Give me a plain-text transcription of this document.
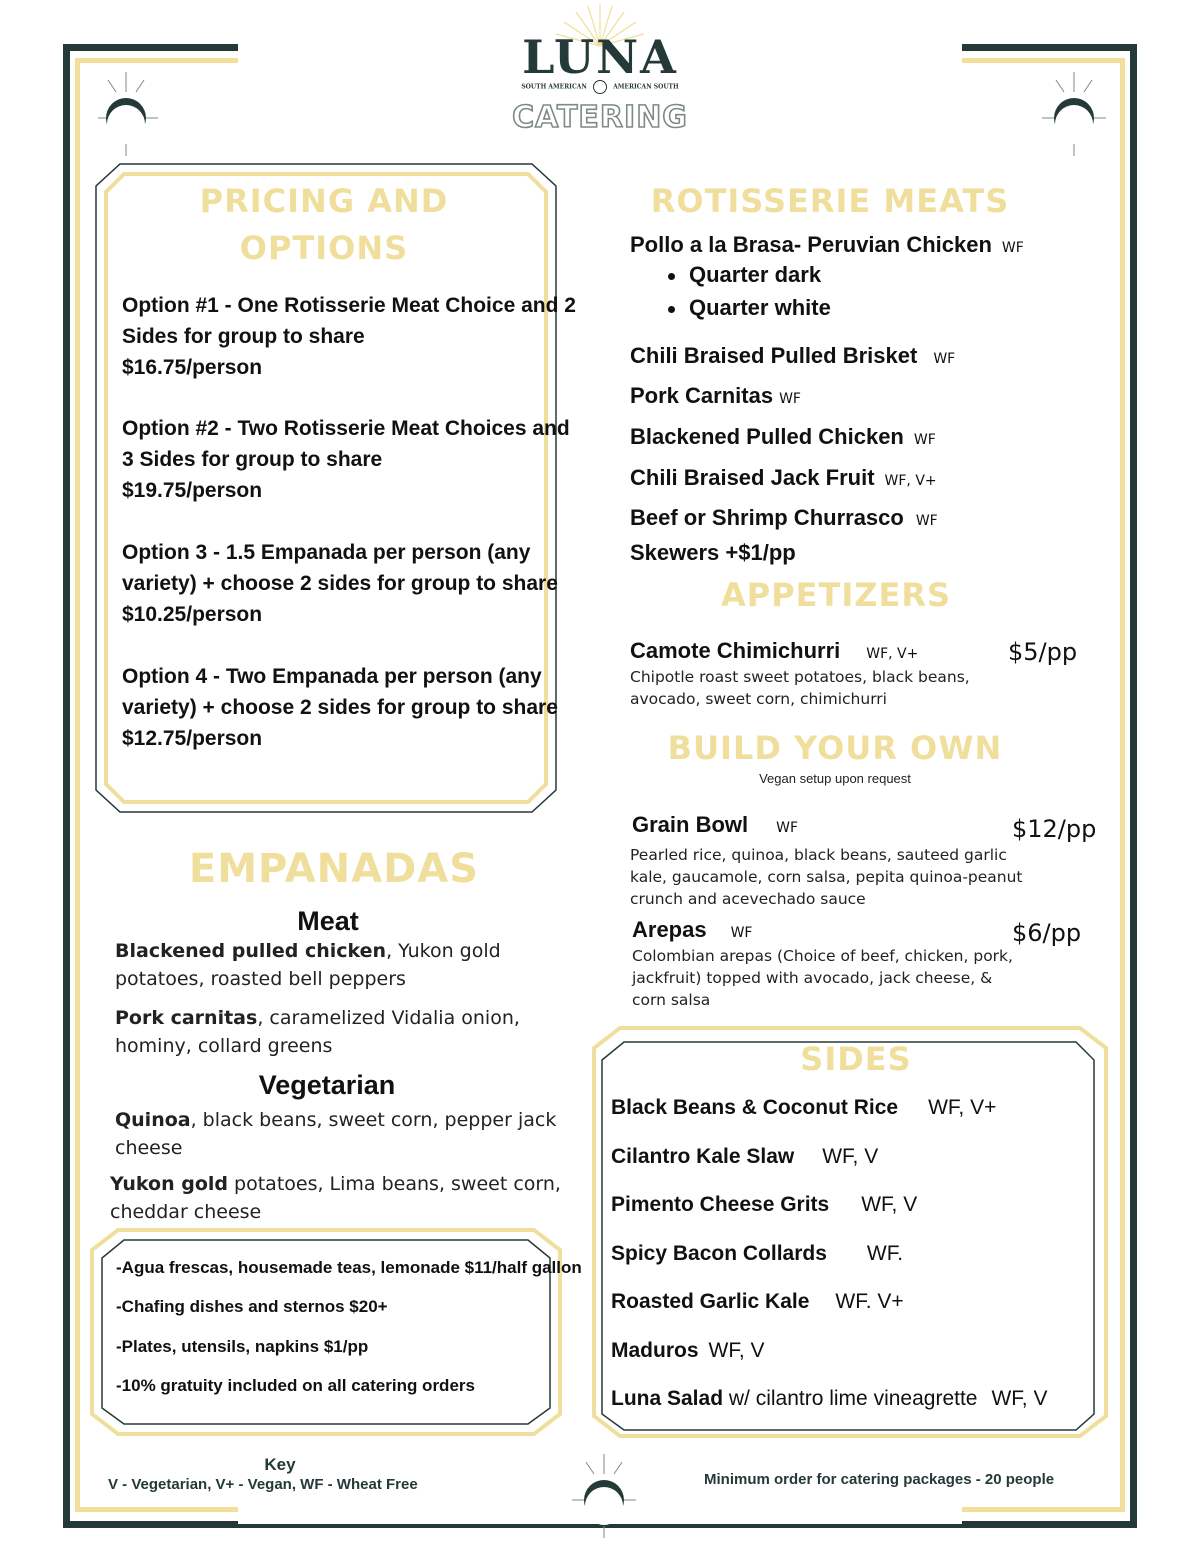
LUNA
SOUTH AMERICAN	AMERICAN SOUTH
CATERING
PRICING AND
OPTIONS
Option #1 - One Rotisserie Meat Choice and 2
Sides for group to share
$16.75/person
Option #2 - Two Rotisserie Meat Choices and
3 Sides for group to share
$19.75/person
Option 3 - 1.5 Empanada per person (any
variety) + choose 2 sides for group to share
$10.25/person
Option 4 - Two Empanada per person (any
variety) + choose 2 sides for group to share
$12.75/person
ROTISSERIE MEATS
Pollo a la Brasa- Peruvian Chicken WF
Quarter dark
Quarter white
Chili Braised Pulled Brisket WF
Pork Carnitas WF
Blackened Pulled Chicken WF
Chili Braised Jack Fruit WF, V+
Beef or Shrimp Churrasco WF
Skewers +$1/pp
APPETIZERS
Camote Chimichurri WF, V+	$5/pp
Chipotle roast sweet potatoes, black beans,
avocado, sweet corn, chimichurri
BUILD YOUR OWN
Vegan setup upon request
Grain Bowl WF	$12/pp
Pearled rice, quinoa, black beans, sauteed garlic
kale, gaucamole, corn salsa, pepita quinoa-peanut
crunch and acevechado sauce
Arepas WF	$6/pp
Colombian arepas (Choice of beef, chicken, pork,
jackfruit) topped with avocado, jack cheese, &
corn salsa
EMPANADAS
Meat
Blackened pulled chicken, Yukon gold
potatoes, roasted bell peppers
Pork carnitas, caramelized Vidalia onion,
hominy, collard greens
Vegetarian
Quinoa, black beans, sweet corn, pepper jack
cheese
Yukon gold potatoes, Lima beans, sweet corn,
cheddar cheese
-Agua frescas, housemade teas, lemonade $11/half gallon
-Chafing dishes and sternos $20+
-Plates, utensils, napkins $1/pp
-10% gratuity included on all catering orders
SIDES
Black Beans & Coconut Rice WF, V+
Cilantro Kale Slaw WF, V
Pimento Cheese Grits WF, V
Spicy Bacon Collards WF.
Roasted Garlic Kale WF. V+
Maduros WF, V
Luna Salad w/ cilantro lime vineagrette WF, V
Key
V - Vegetarian, V+ - Vegan, WF - Wheat Free	Minimum order for catering packages - 20 people
